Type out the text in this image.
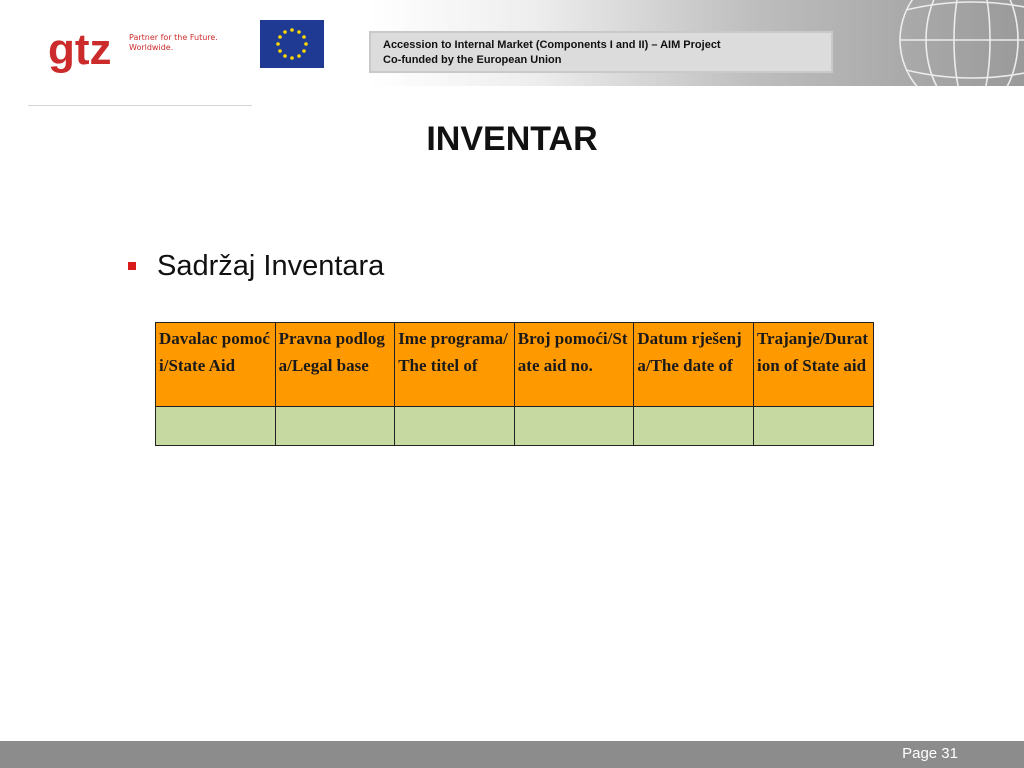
gtz Partner for the Future.
Worldwide.	Accession to Internal Market (Components I and II) – AIM Project
Co-funded by the European Union
INVENTAR
Sadržaj Inventara
Davalac pomoći/State Aid	Pravna podloga/Legal base	Ime programa/The titel of	Broj pomoći/State aid no.	Datum rješenja/The date of	Trajanje/Duration of State aid

Page 31
